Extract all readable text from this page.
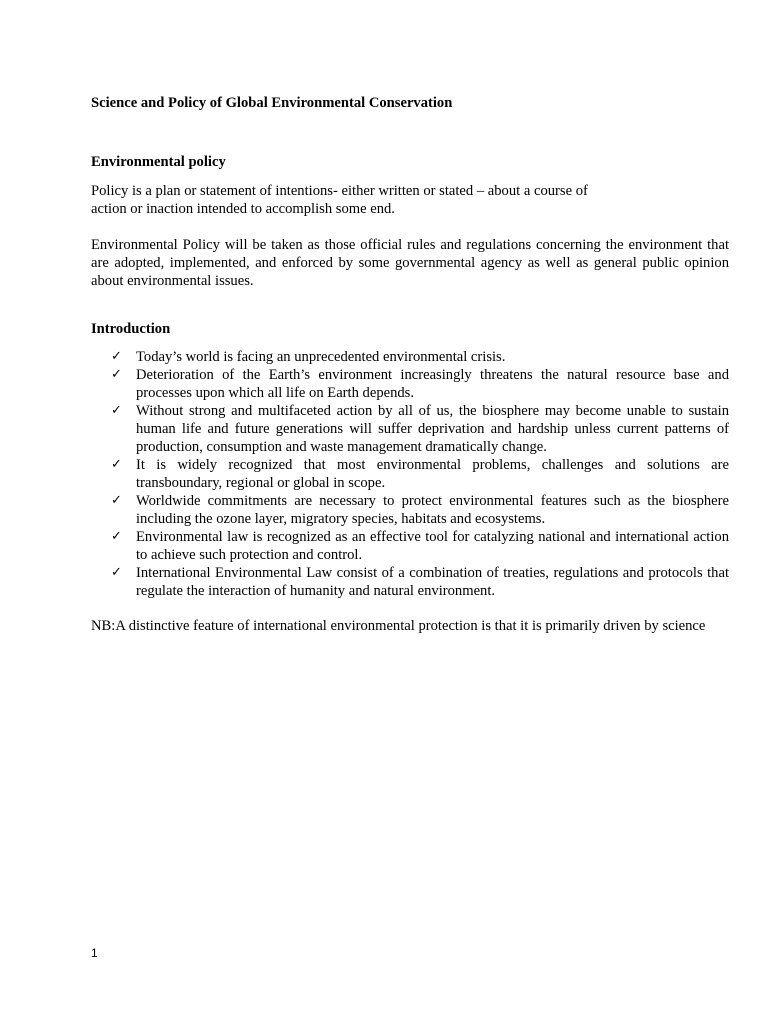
Science and Policy of Global Environmental Conservation

Environmental policy

Policy is a plan or statement of intentions- either written or stated – about a course of
action or inaction intended to accomplish some end.

Environmental Policy will be taken as those official rules and regulations concerning the environment that are adopted, implemented, and enforced by some governmental agency as well as general public opinion about environmental issues.

Introduction

✓ Today’s world is facing an unprecedented environmental crisis.
✓ Deterioration of the Earth’s environment increasingly threatens the natural resource base and processes upon which all life on Earth depends.
✓ Without strong and multifaceted action by all of us, the biosphere may become unable to sustain human life and future generations will suffer deprivation and hardship unless current patterns of production, consumption and waste management dramatically change.
✓ It is widely recognized that most environmental problems, challenges and solutions are transboundary, regional or global in scope.
✓ Worldwide commitments are necessary to protect environmental features such as the biosphere including the ozone layer, migratory species, habitats and ecosystems.
✓ Environmental law is recognized as an effective tool for catalyzing national and international action to achieve such protection and control.
✓ International Environmental Law consist of a combination of treaties, regulations and protocols that regulate the interaction of humanity and natural environment.

NB:A distinctive feature of international environmental protection is that it is primarily driven by science

1
